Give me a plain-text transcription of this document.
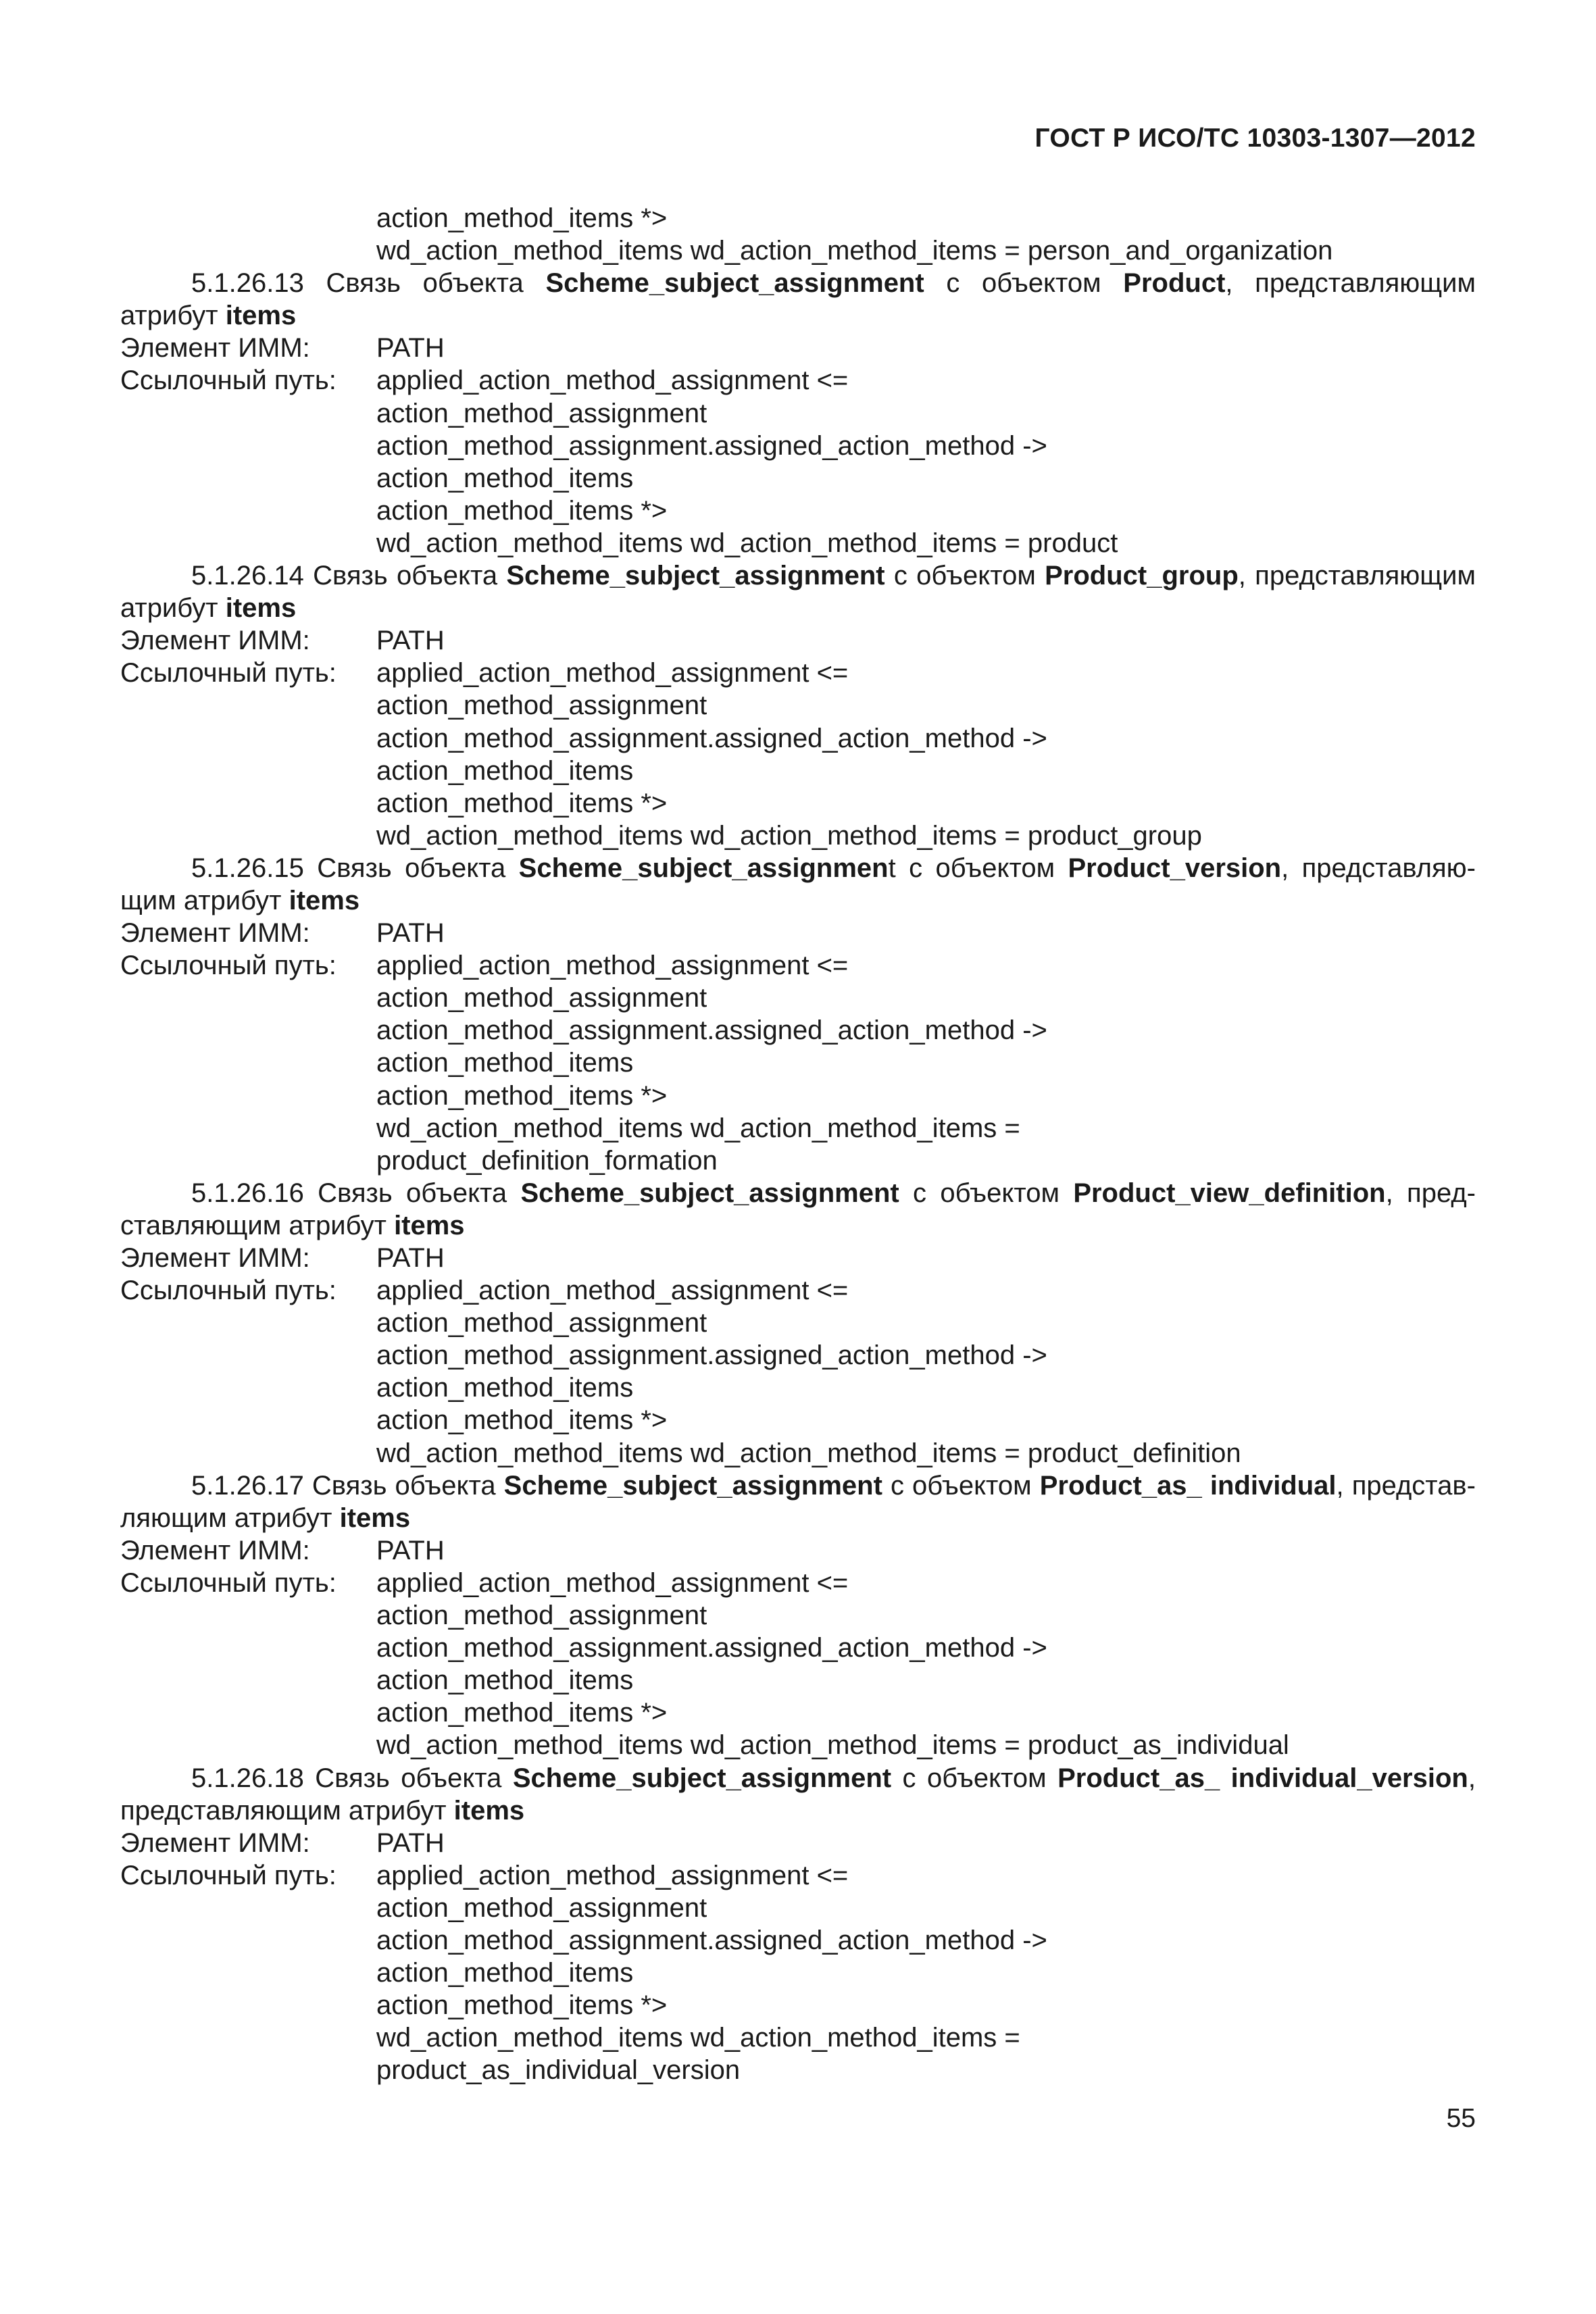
ГОСТ Р ИСО/ТС 10303-1307—2012
action_method_items *>
wd_action_method_items wd_action_method_items = person_and_organization
5.1.26.13 Связь объекта Scheme_subject_assignment с объектом Product, представляющим
атрибут items
Элемент ИММ:	PATH
Ссылочный путь:	applied_action_method_assignment <=
action_method_assignment
action_method_assignment.assigned_action_method ->
action_method_items
action_method_items *>
wd_action_method_items wd_action_method_items = product
5.1.26.14 Связь объекта Scheme_subject_assignment с объектом Product_group, представляющим
атрибут items
Элемент ИММ:	PATH
Ссылочный путь:	applied_action_method_assignment <=
action_method_assignment
action_method_assignment.assigned_action_method ->
action_method_items
action_method_items *>
wd_action_method_items wd_action_method_items = product_group
5.1.26.15 Связь объекта Scheme_subject_assignment с объектом Product_version, представляю-
щим атрибут items
Элемент ИММ:	PATH
Ссылочный путь:	applied_action_method_assignment <=
action_method_assignment
action_method_assignment.assigned_action_method ->
action_method_items
action_method_items *>
wd_action_method_items wd_action_method_items =
product_definition_formation
5.1.26.16 Связь объекта Scheme_subject_assignment с объектом Product_view_definition, пред-
ставляющим атрибут items
Элемент ИММ:	PATH
Ссылочный путь:	applied_action_method_assignment <=
action_method_assignment
action_method_assignment.assigned_action_method ->
action_method_items
action_method_items *>
wd_action_method_items wd_action_method_items = product_definition
5.1.26.17 Связь объекта Scheme_subject_assignment с объектом Product_as_ individual, представ-
ляющим атрибут items
Элемент ИММ:	PATH
Ссылочный путь:	applied_action_method_assignment <=
action_method_assignment
action_method_assignment.assigned_action_method ->
action_method_items
action_method_items *>
wd_action_method_items wd_action_method_items = product_as_individual
5.1.26.18 Связь объекта Scheme_subject_assignment с объектом Product_as_ individual_version,
представляющим атрибут items
Элемент ИММ:	PATH
Ссылочный путь:	applied_action_method_assignment <=
action_method_assignment
action_method_assignment.assigned_action_method ->
action_method_items
action_method_items *>
wd_action_method_items wd_action_method_items =
product_as_individual_version
55
